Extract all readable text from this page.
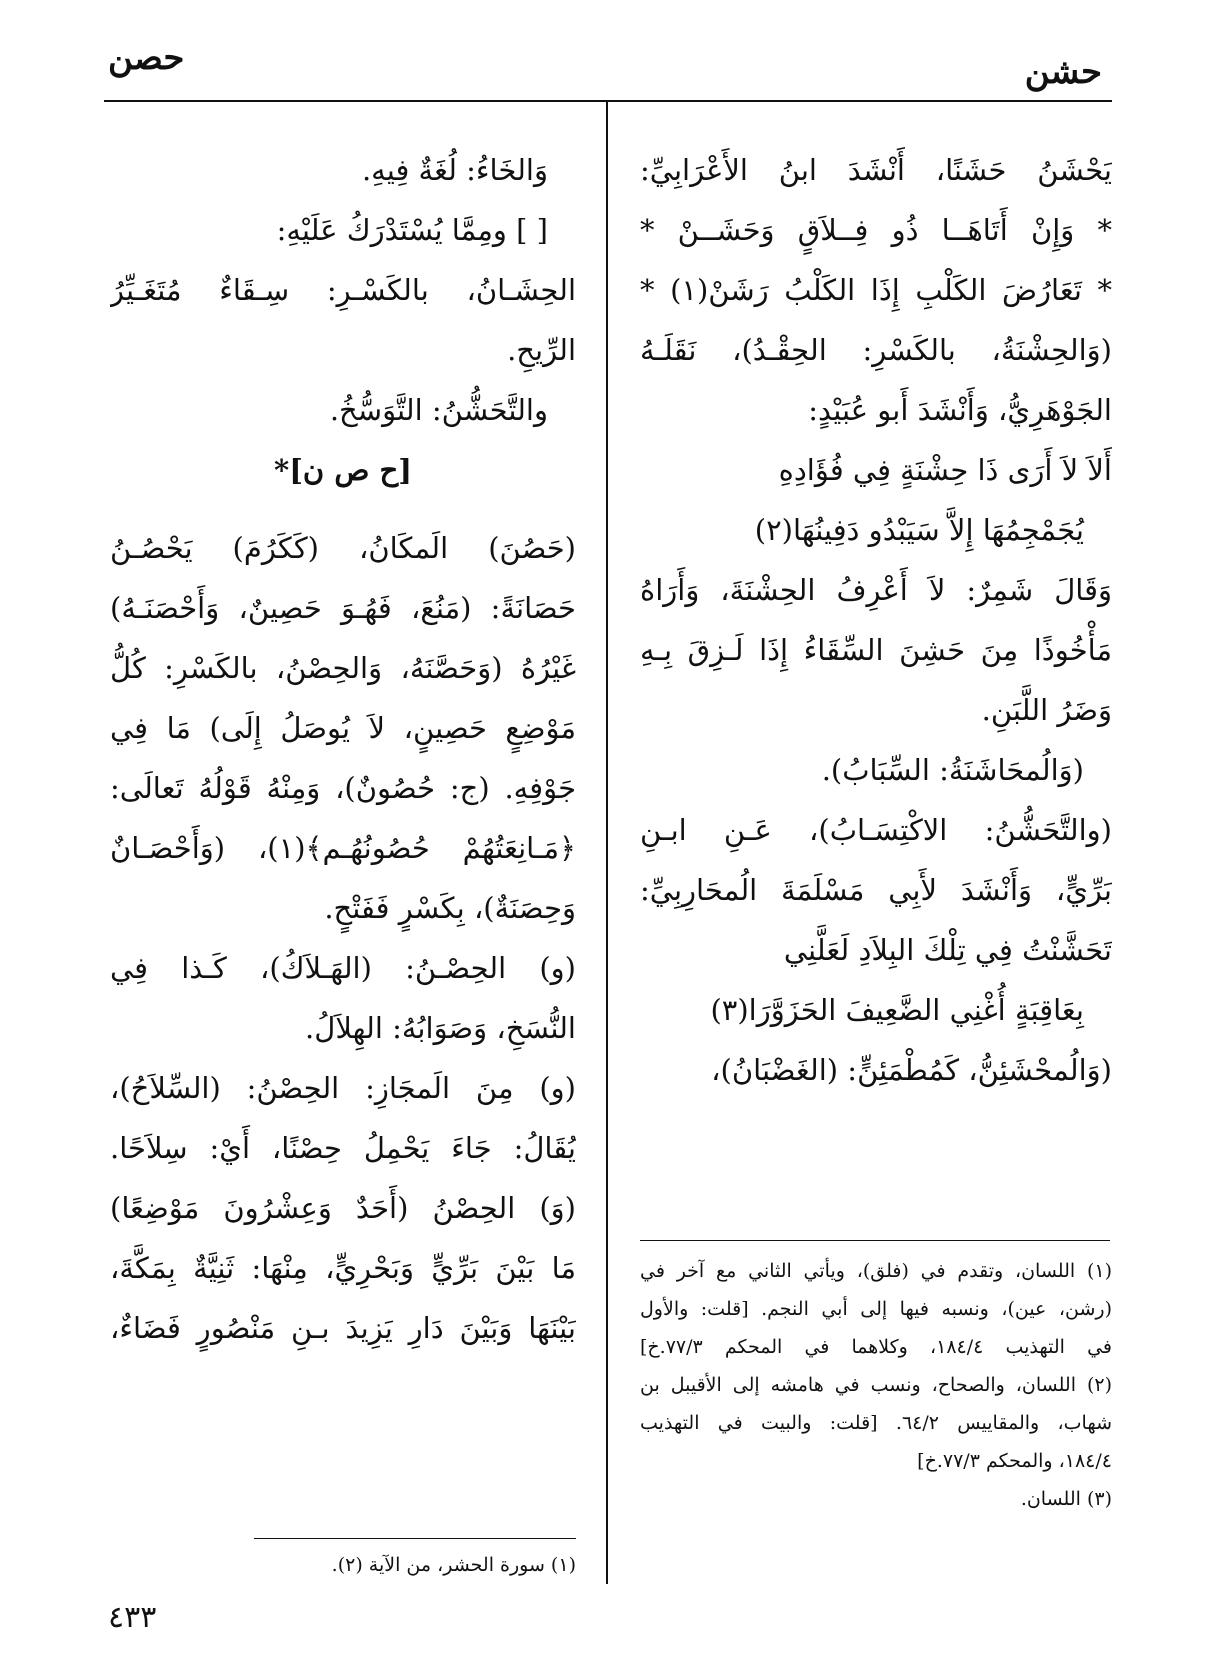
حشن
حصن
يَحْشَنُ حَشَنًا، أَنْشَدَ ابنُ الأَعْرَابِيِّ:
* وَإِنْ أَتَاهَــا ذُو فِــلاَقٍ وَحَشَــنْ *
* تَعَارُضَ الكَلْبِ إِذَا الكَلْبُ رَشَنْ(١) *
(وَالحِشْنَةُ، بالكَسْرِ: الحِقْـدُ)، نَقَلَـهُ
الجَوْهَرِيُّ، وَأَنْشَدَ أَبو عُبَيْدٍ:
أَلاَ لاَ أَرَى ذَا حِشْنَةٍ فِي فُؤَادِهِ
يُجَمْجِمُهَا إِلاَّ سَيَبْدُو دَفِينُهَا(٢)
وَقَالَ شَمِرٌ: لاَ أَعْرِفُ الحِشْنَةَ، وَأَرَاهُ
مَأْخُوذًا مِنَ حَشِنَ السِّقَاءُ إِذَا لَـزِقَ بِـهِ
وَضَرُ اللَّبَنِ.
(وَالُمحَاشَنَةُ: السِّبَابُ).
(والتَّحَشُّنُ: الاكْتِسَـابُ)، عَـنِ ابـنِ
بَرِّيٍّ، وَأَنْشَدَ لأَبِي مَسْلَمَةَ الُمحَارِبِيِّ:
تَحَشَّنْتُ فِي تِلْكَ البِلاَدِ لَعَلَّنِي
بِعَاقِبَةٍ أُغْنِي الضَّعِيفَ الحَزَوَّرَا(٣)
(وَالُمحْشَئِنُّ، كَمُطْمَئِنٍّ: (الغَضْبَانُ)،
(١) اللسان، وتقدم في (فلق)، ويأتي الثاني مع آخر في
(رشن، عين)، ونسبه فيها إلى أبي النجم. [قلت: والأول
في التهذيب ١٨٤/٤، وكلاهما في المحكم ٧٧/٣.خ]
(٢) اللسان، والصحاح، ونسب في هامشه إلى الأقيبل بن
شهاب، والمقاييس ٦٤/٢. [قلت: والبيت في التهذيب
١٨٤/٤، والمحكم ٧٧/٣.خ]
(٣) اللسان.
وَالخَاءُ: لُغَةٌ فِيهِ.
[ ] ومِمَّا يُسْتَدْرَكُ عَلَيْهِ:
الحِشَـانُ، بالكَسْـرِ: سِـقَاءٌ مُتَغَـيِّرُ
الرِّيحِ.
والتَّحَشُّنُ: التَّوَسُّخُ.
[ح ص ن]*
(حَصُنَ) الَمكَانُ، (كَكَرُمَ) يَحْصُـنُ
حَصَانَةً: (مَنُعَ، فَهُـوَ حَصِينٌ، وَأَحْصَنَـهُ)
غَيْرُهُ (وَحَصَّنَهُ، وَالحِصْنُ، بالكَسْرِ: كُلُّ
مَوْضِعٍ حَصِينٍ، لاَ يُوصَلُ إِلَى) مَا فِي
جَوْفِهِ. (ج: حُصُونٌ)، وَمِنْهُ قَوْلُهُ تَعالَى:
﴿مَـانِعَتُهُمْ حُصُونُهُـم﴾(١)، (وَأَحْصَـانٌ
وَحِصَنَةٌ)، بِكَسْرٍ فَفَتْحٍ.
(و) الحِصْـنُ: (الهَـلاَكُ)، كَـذا فِي
النُّسَخِ، وَصَوَابُهُ: الهِلاَلُ.
(و) مِنَ الَمجَازِ: الحِصْنُ: (السِّلاَحُ)،
يُقَالُ: جَاءَ يَحْمِلُ حِصْنًا، أَيْ: سِلاَحًا.
(وَ) الحِصْنُ (أَحَدٌ وَعِشْرُونَ مَوْضِعًا)
مَا بَيْنَ بَرِّيٍّ وَبَحْرِيٍّ، مِنْهَا: ثَنِيَّةٌ بِمَكَّةَ،
بَيْنَهَا وَبَيْنَ دَارِ يَزِيدَ بـنِ مَنْصُورٍ فَضَاءٌ،
(١) سورة الحشر، من الآية (٢).
٤٣٣
